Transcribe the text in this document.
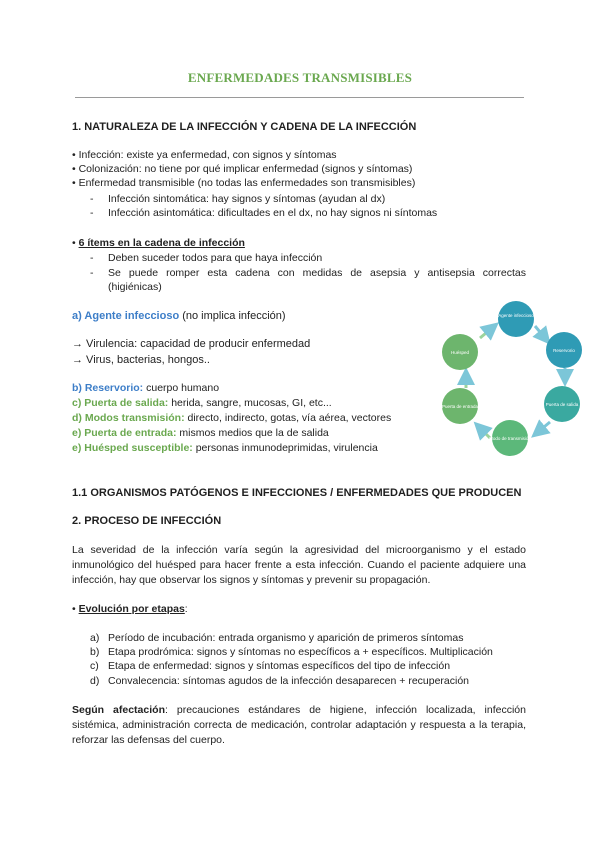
ENFERMEDADES TRANSMISIBLES
1. NATURALEZA DE LA INFECCIÓN Y CADENA DE LA INFECCIÓN
• Infección: existe ya enfermedad, con signos y síntomas
• Colonización: no tiene por qué implicar enfermedad (signos y síntomas)
• Enfermedad transmisible (no todas las enfermedades son transmisibles)
- Infección sintomática: hay signos y síntomas (ayudan al dx)
- Infección asintomática: dificultades en el dx, no hay signos ni síntomas
• 6 ítems en la cadena de infección
- Deben suceder todos para que haya infección
- Se puede romper esta cadena con medidas de asepsia y antisepsia correctas (higiénicas)
a) Agente infeccioso (no implica infección)
→ Virulencia: capacidad de producir enfermedad
→ Virus, bacterias, hongos..
b) Reservorio: cuerpo humano
c) Puerta de salida: herida, sangre, mucosas, GI, etc...
d) Modos transmisión: directo, indirecto, gotas, vía aérea, vectores
e) Puerta de entrada: mismos medios que la de salida
e) Huésped susceptible: personas inmunodeprimidas, virulencia
Agente infeccioso
Reservorio
Puerta de salida
Modo de transmisión
Puerta de entrada
Huésped
1.1 ORGANISMOS PATÓGENOS E INFECCIONES / ENFERMEDADES QUE PRODUCEN
2. PROCESO DE INFECCIÓN
La severidad de la infección varía según la agresividad del microorganismo y el estado inmunológico del huésped para hacer frente a esta infección. Cuando el paciente adquiere una infección, hay que observar los signos y síntomas y prevenir su propagación.
• Evolución por etapas:
a) Período de incubación: entrada organismo y aparición de primeros síntomas
b) Etapa prodrómica: signos y síntomas no específicos a + específicos. Multiplicación
c) Etapa de enfermedad: signos y síntomas específicos del tipo de infección
d) Convalecencia: síntomas agudos de la infección desaparecen + recuperación
Según afectación: precauciones estándares de higiene, infección localizada, infección sistémica, administración correcta de medicación, controlar adaptación y respuesta a la terapia, reforzar las defensas del cuerpo.
